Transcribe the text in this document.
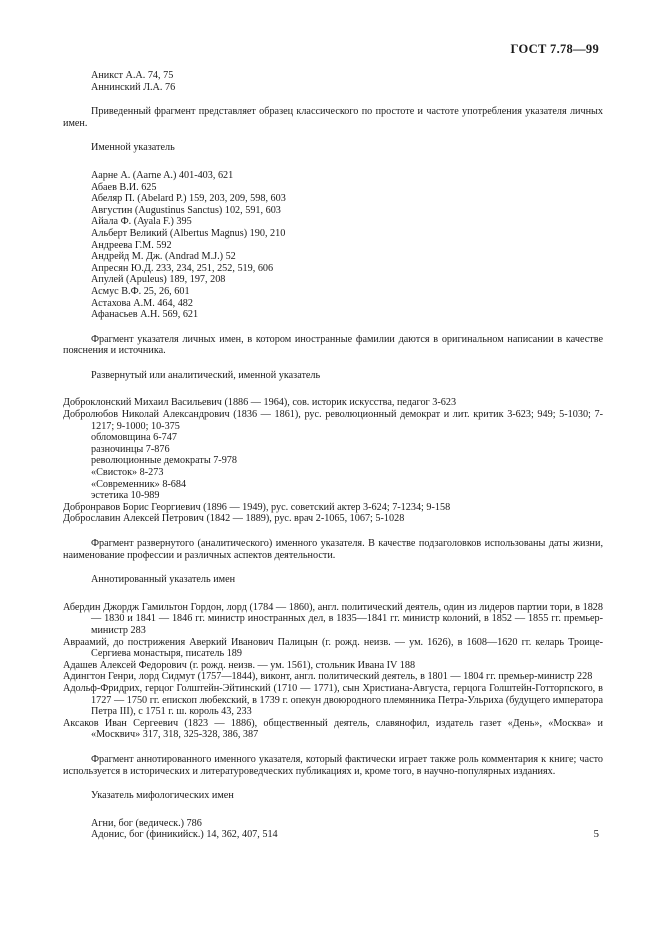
ГОСТ 7.78—99
Аникст А.А. 74, 75
Аннинский Л.А. 76
Приведенный фрагмент представляет образец классического по простоте и частоте употребления указателя личных имен.
Именной указатель
Аарне А. (Aarne A.) 401-403, 621
Абаев В.И. 625
Абеляр П. (Abelard P.) 159, 203, 209, 598, 603
Августин (Augustinus Sanctus) 102, 591, 603
Айала Ф. (Ayala F.) 395
Альберт Великий (Albertus Magnus) 190, 210
Андреева Г.М. 592
Андрейд М. Дж. (Andrad M.J.) 52
Апресян Ю.Д. 233, 234, 251, 252, 519, 606
Апулей (Apuleus) 189, 197, 208
Асмус В.Ф. 25, 26, 601
Астахова А.М. 464, 482
Афанасьев А.Н. 569, 621
Фрагмент указателя личных имен, в котором иностранные фамилии даются в оригинальном написании в качестве пояснения и источника.
Развернутый или аналитический, именной указатель
Доброклонский Михаил Васильевич (1886 — 1964), сов. историк искусства, педагог 3-623
Добролюбов Николай Александрович (1836 — 1861), рус. революционный демократ и лит. критик 3-623; 949; 5-1030; 7-1217; 9-1000; 10-375
обломовщина 6-747
разночинцы 7-876
революционные демократы 7-978
«Свисток» 8-273
«Современник» 8-684
эстетика 10-989
Добронравов Борис Георгиевич (1896 — 1949), рус. советский актер 3-624; 7-1234; 9-158
Доброславин Алексей Петрович (1842 — 1889), рус. врач 2-1065, 1067; 5-1028
Фрагмент развернутого (аналитического) именного указателя. В качестве подзаголовков использованы даты жизни, наименование профессии и различных аспектов деятельности.
Аннотированный указатель имен
Абердин Джордж Гамильтон Гордон, лорд (1784 — 1860), англ. политический деятель, один из лидеров партии тори, в 1828 — 1830 и 1841 — 1846 гг. министр иностранных дел, в 1835—1841 гг. министр колоний, в 1852 — 1855 гг. премьер-министр 283
Авраамий, до пострижения Аверкий Иванович Палицын (г. рожд. неизв. — ум. 1626), в 1608—1620 гг. келарь Троице-Сергиева монастыря, писатель 189
Адашев Алексей Федорович (г. рожд. неизв. — ум. 1561), стольник Ивана IV 188
Адингтон Генри, лорд Сидмут (1757—1844), виконт, англ. политический деятель, в 1801 — 1804 гг. премьер-министр 228
Адольф-Фридрих, герцог Голштейн-Эйтинский (1710 — 1771), сын Христиана-Августа, герцога Голштейн-Готторпского, в 1727 — 1750 гг. епископ любекский, в 1739 г. опекун двоюродного племянника Петра-Ульриха (будущего императора Петра III), с 1751 г. ш. король 43, 233
Аксаков Иван Сергеевич (1823 — 1886), общественный деятель, славянофил, издатель газет «День», «Москва» и «Москвич» 317, 318, 325-328, 386, 387
Фрагмент аннотированного именного указателя, который фактически играет также роль комментария к книге; часто используется в исторических и литературоведческих публикациях и, кроме того, в научно-популярных изданиях.
Указатель мифологических имен
Агни, бог (ведическ.) 786
Адонис, бог (финикийск.) 14, 362, 407, 514	5
